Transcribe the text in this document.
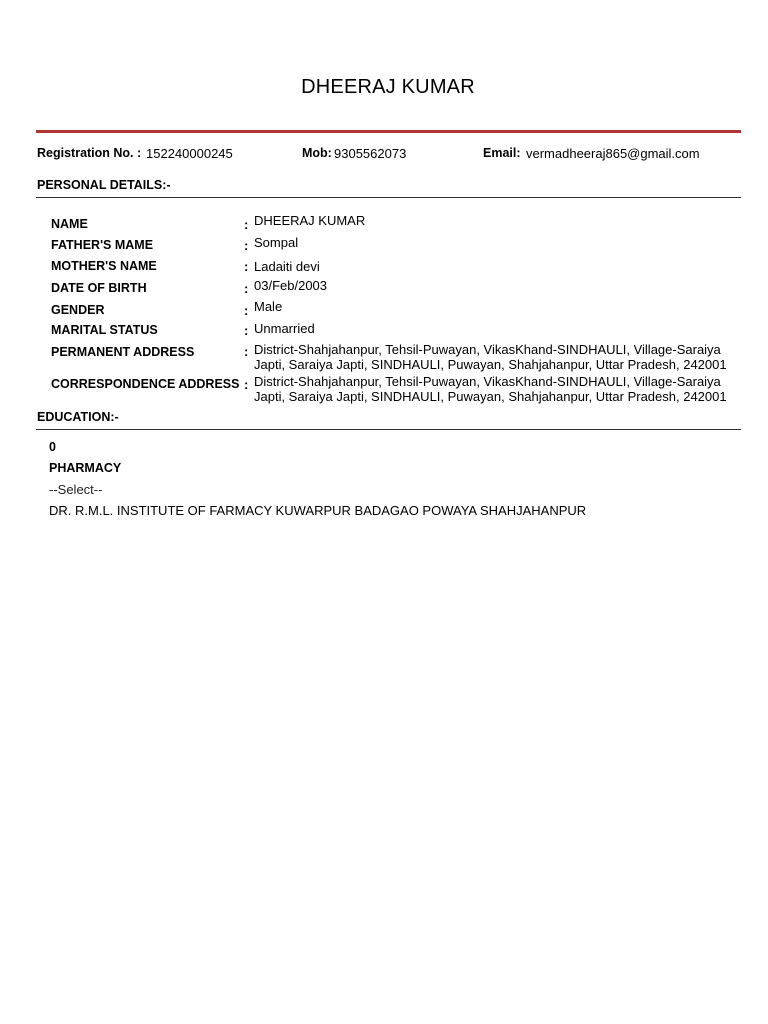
DHEERAJ KUMAR
Registration No. : 152240000245	Mob: 9305562073	Email: vermadheeraj865@gmail.com
PERSONAL DETAILS:-
NAME	: DHEERAJ KUMAR
FATHER'S MAME	: Sompal
MOTHER'S NAME	: Ladaiti devi
DATE OF BIRTH	: 03/Feb/2003
GENDER	: Male
MARITAL STATUS	: Unmarried
PERMANENT ADDRESS	: District-Shahjahanpur, Tehsil-Puwayan, VikasKhand-SINDHAULI, Village-Saraiya Japti, Saraiya Japti, SINDHAULI, Puwayan, Shahjahanpur, Uttar Pradesh, 242001
CORRESPONDENCE ADDRESS : District-Shahjahanpur, Tehsil-Puwayan, VikasKhand-SINDHAULI, Village-Saraiya Japti, Saraiya Japti, SINDHAULI, Puwayan, Shahjahanpur, Uttar Pradesh, 242001
EDUCATION:-
0
PHARMACY
--Select--
DR. R.M.L. INSTITUTE OF FARMACY KUWARPUR BADAGAO POWAYA SHAHJAHANPUR
